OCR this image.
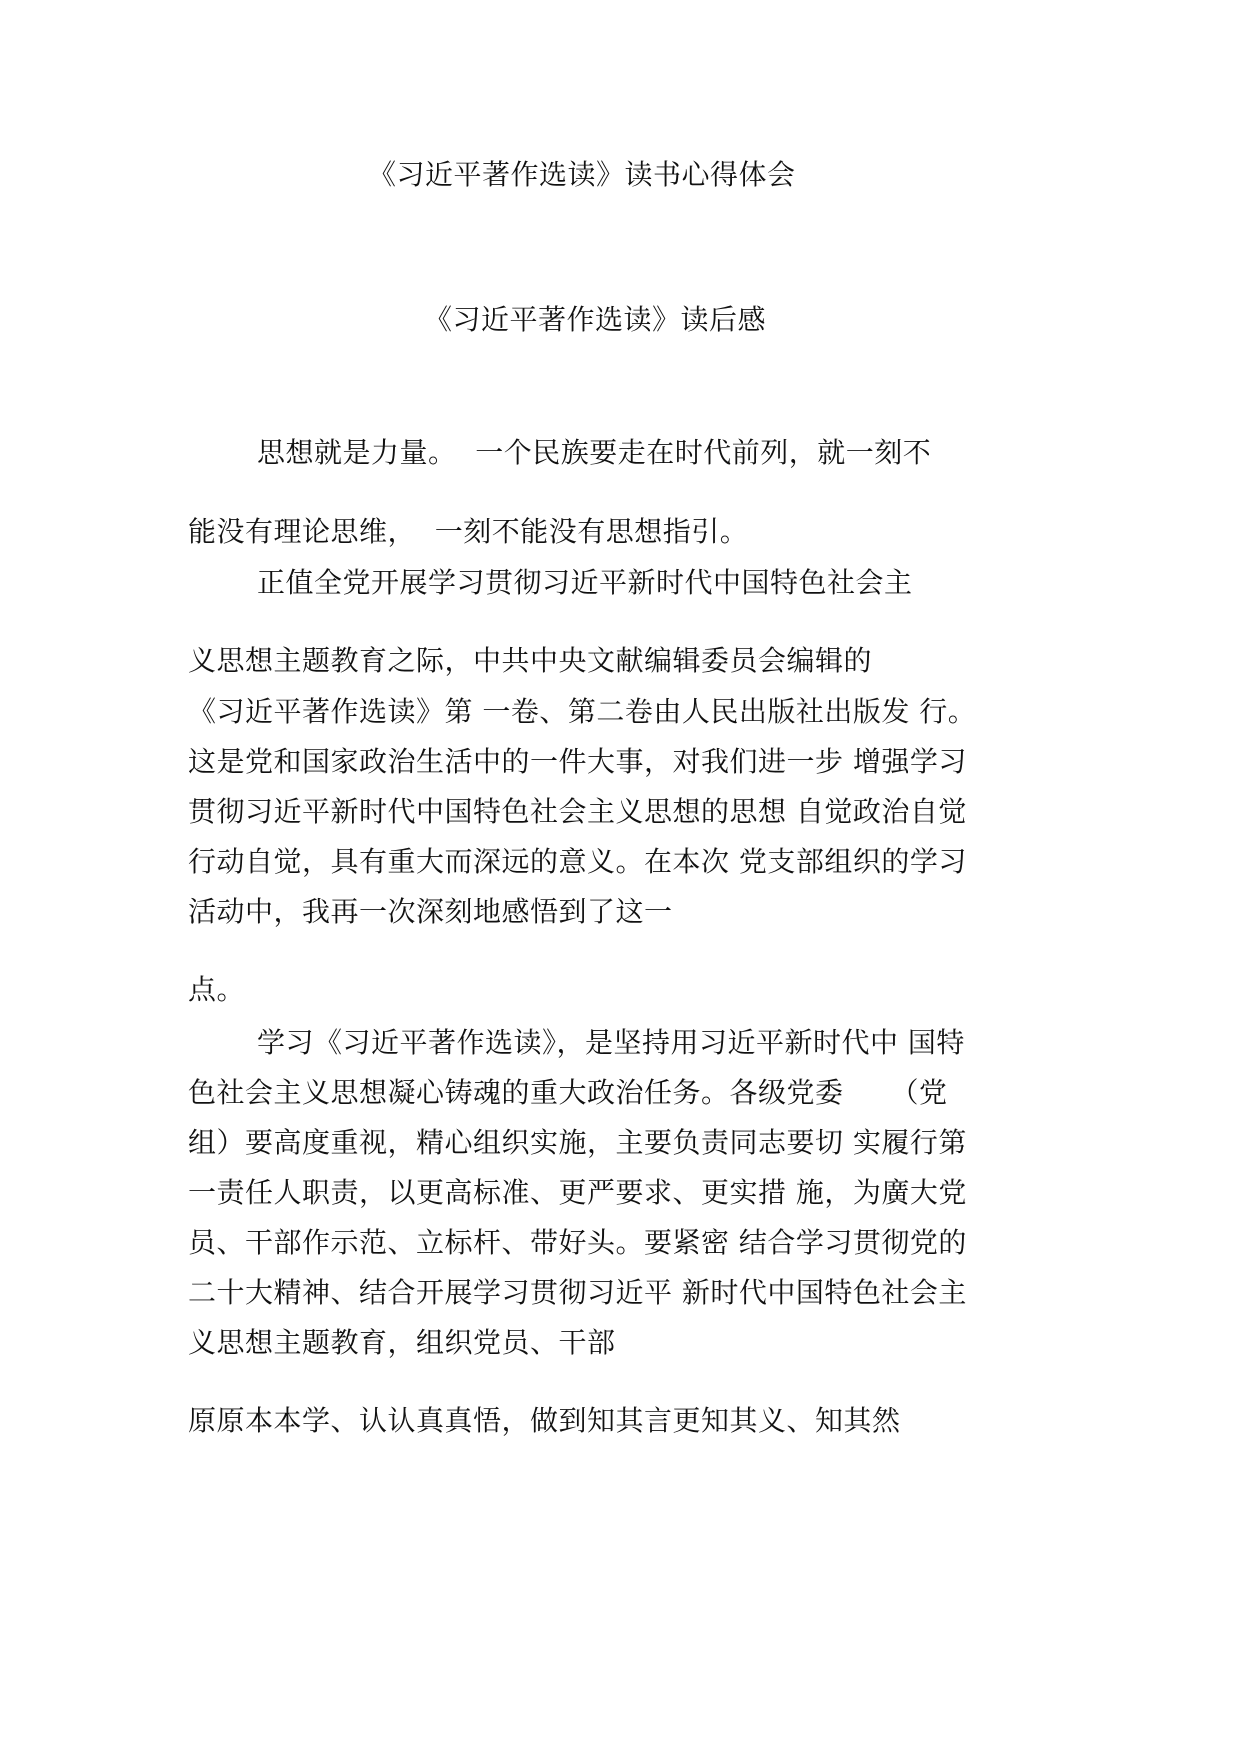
《习近平著作选读》读书心得体会
《习近平著作选读》读后感
思想就是力量。  一个民族要走在时代前列，就一刻不
能没有理论思维，  一刻不能没有思想指引。
正值全党开展学习贯彻习近平新时代中国特色社会主
义思想主题教育之际，中共中央文献编辑委员会编辑的
《习近平著作选读》第 一卷、第二卷由人民出版社出版发 行。
这是党和国家政治生活中的一件大事，对我们进一步 增强学习
贯彻习近平新时代中国特色社会主义思想的思想 自觉政治自觉
行动自觉，具有重大而深远的意义。在本次 党支部组织的学习
活动中，我再一次深刻地感悟到了这一
点。
学习《习近平著作选读》，是坚持用习近平新时代中 国特
色社会主义思想凝心铸魂的重大政治任务。各级党委     （党
组）要高度重视，精心组织实施，主要负责同志要切 实履行第
一责任人职责，以更高标准、更严要求、更实措 施，为廣大党
员、干部作示范、立标杆、带好头。要紧密 结合学习贯彻党的
二十大精神、结合开展学习贯彻习近平 新时代中国特色社会主
义思想主题教育，组织党员、干部
原原本本学、认认真真悟，做到知其言更知其义、知其然
